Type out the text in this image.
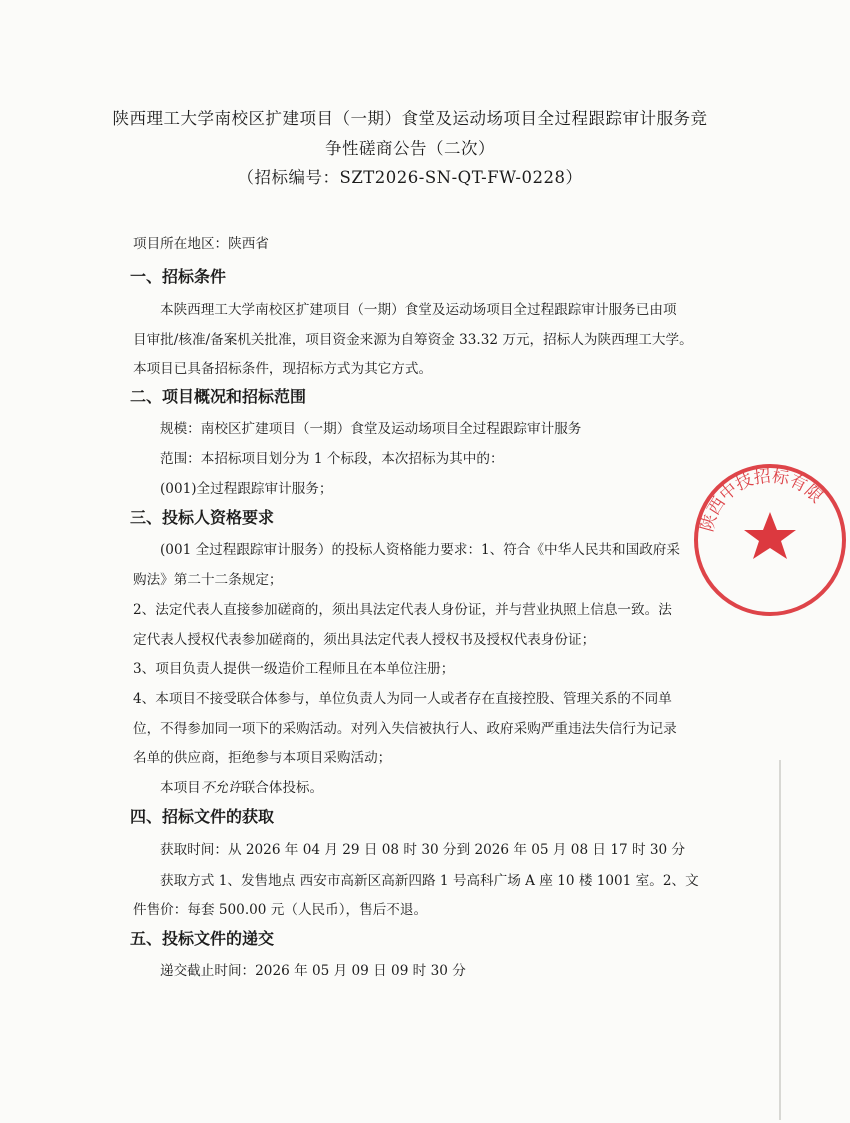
陕西理工大学南校区扩建项目（一期）食堂及运动场项目全过程跟踪审计服务竞
争性磋商公告（二次）
（招标编号：SZT2026-SN-QT-FW-0228）
项目所在地区：陕西省
一、招标条件
本陕西理工大学南校区扩建项目（一期）食堂及运动场项目全过程跟踪审计服务已由项
目审批/核准/备案机关批准，项目资金来源为自筹资金 33.32 万元，招标人为陕西理工大学。
本项目已具备招标条件，现招标方式为其它方式。
二、项目概况和招标范围
规模：南校区扩建项目（一期）食堂及运动场项目全过程跟踪审计服务
范围：本招标项目划分为 1 个标段，本次招标为其中的：
(001)全过程跟踪审计服务；
三、投标人资格要求
(001 全过程跟踪审计服务）的投标人资格能力要求：1、符合《中华人民共和国政府采
购法》第二十二条规定；
2、法定代表人直接参加磋商的，须出具法定代表人身份证，并与营业执照上信息一致。法
定代表人授权代表参加磋商的，须出具法定代表人授权书及授权代表身份证；
3、项目负责人提供一级造价工程师且在本单位注册；
4、本项目不接受联合体参与，单位负责人为同一人或者存在直接控股、管理关系的不同单
位，不得参加同一项下的采购活动。对列入失信被执行人、政府采购严重违法失信行为记录
名单的供应商，拒绝参与本项目采购活动；
本项目不允许联合体投标。
四、招标文件的获取
获取时间：从 2026 年 04 月 29 日 08 时 30 分到 2026 年 05 月 08 日 17 时 30 分
获取方式 1、发售地点 西安市高新区高新四路 1 号高科广场 A 座 10 楼 1001 室。2、文
件售价：每套 500.00 元（人民币），售后不退。
五、投标文件的递交
递交截止时间：2026 年 05 月 09 日 09 时 30 分
陕西中技招标有限
